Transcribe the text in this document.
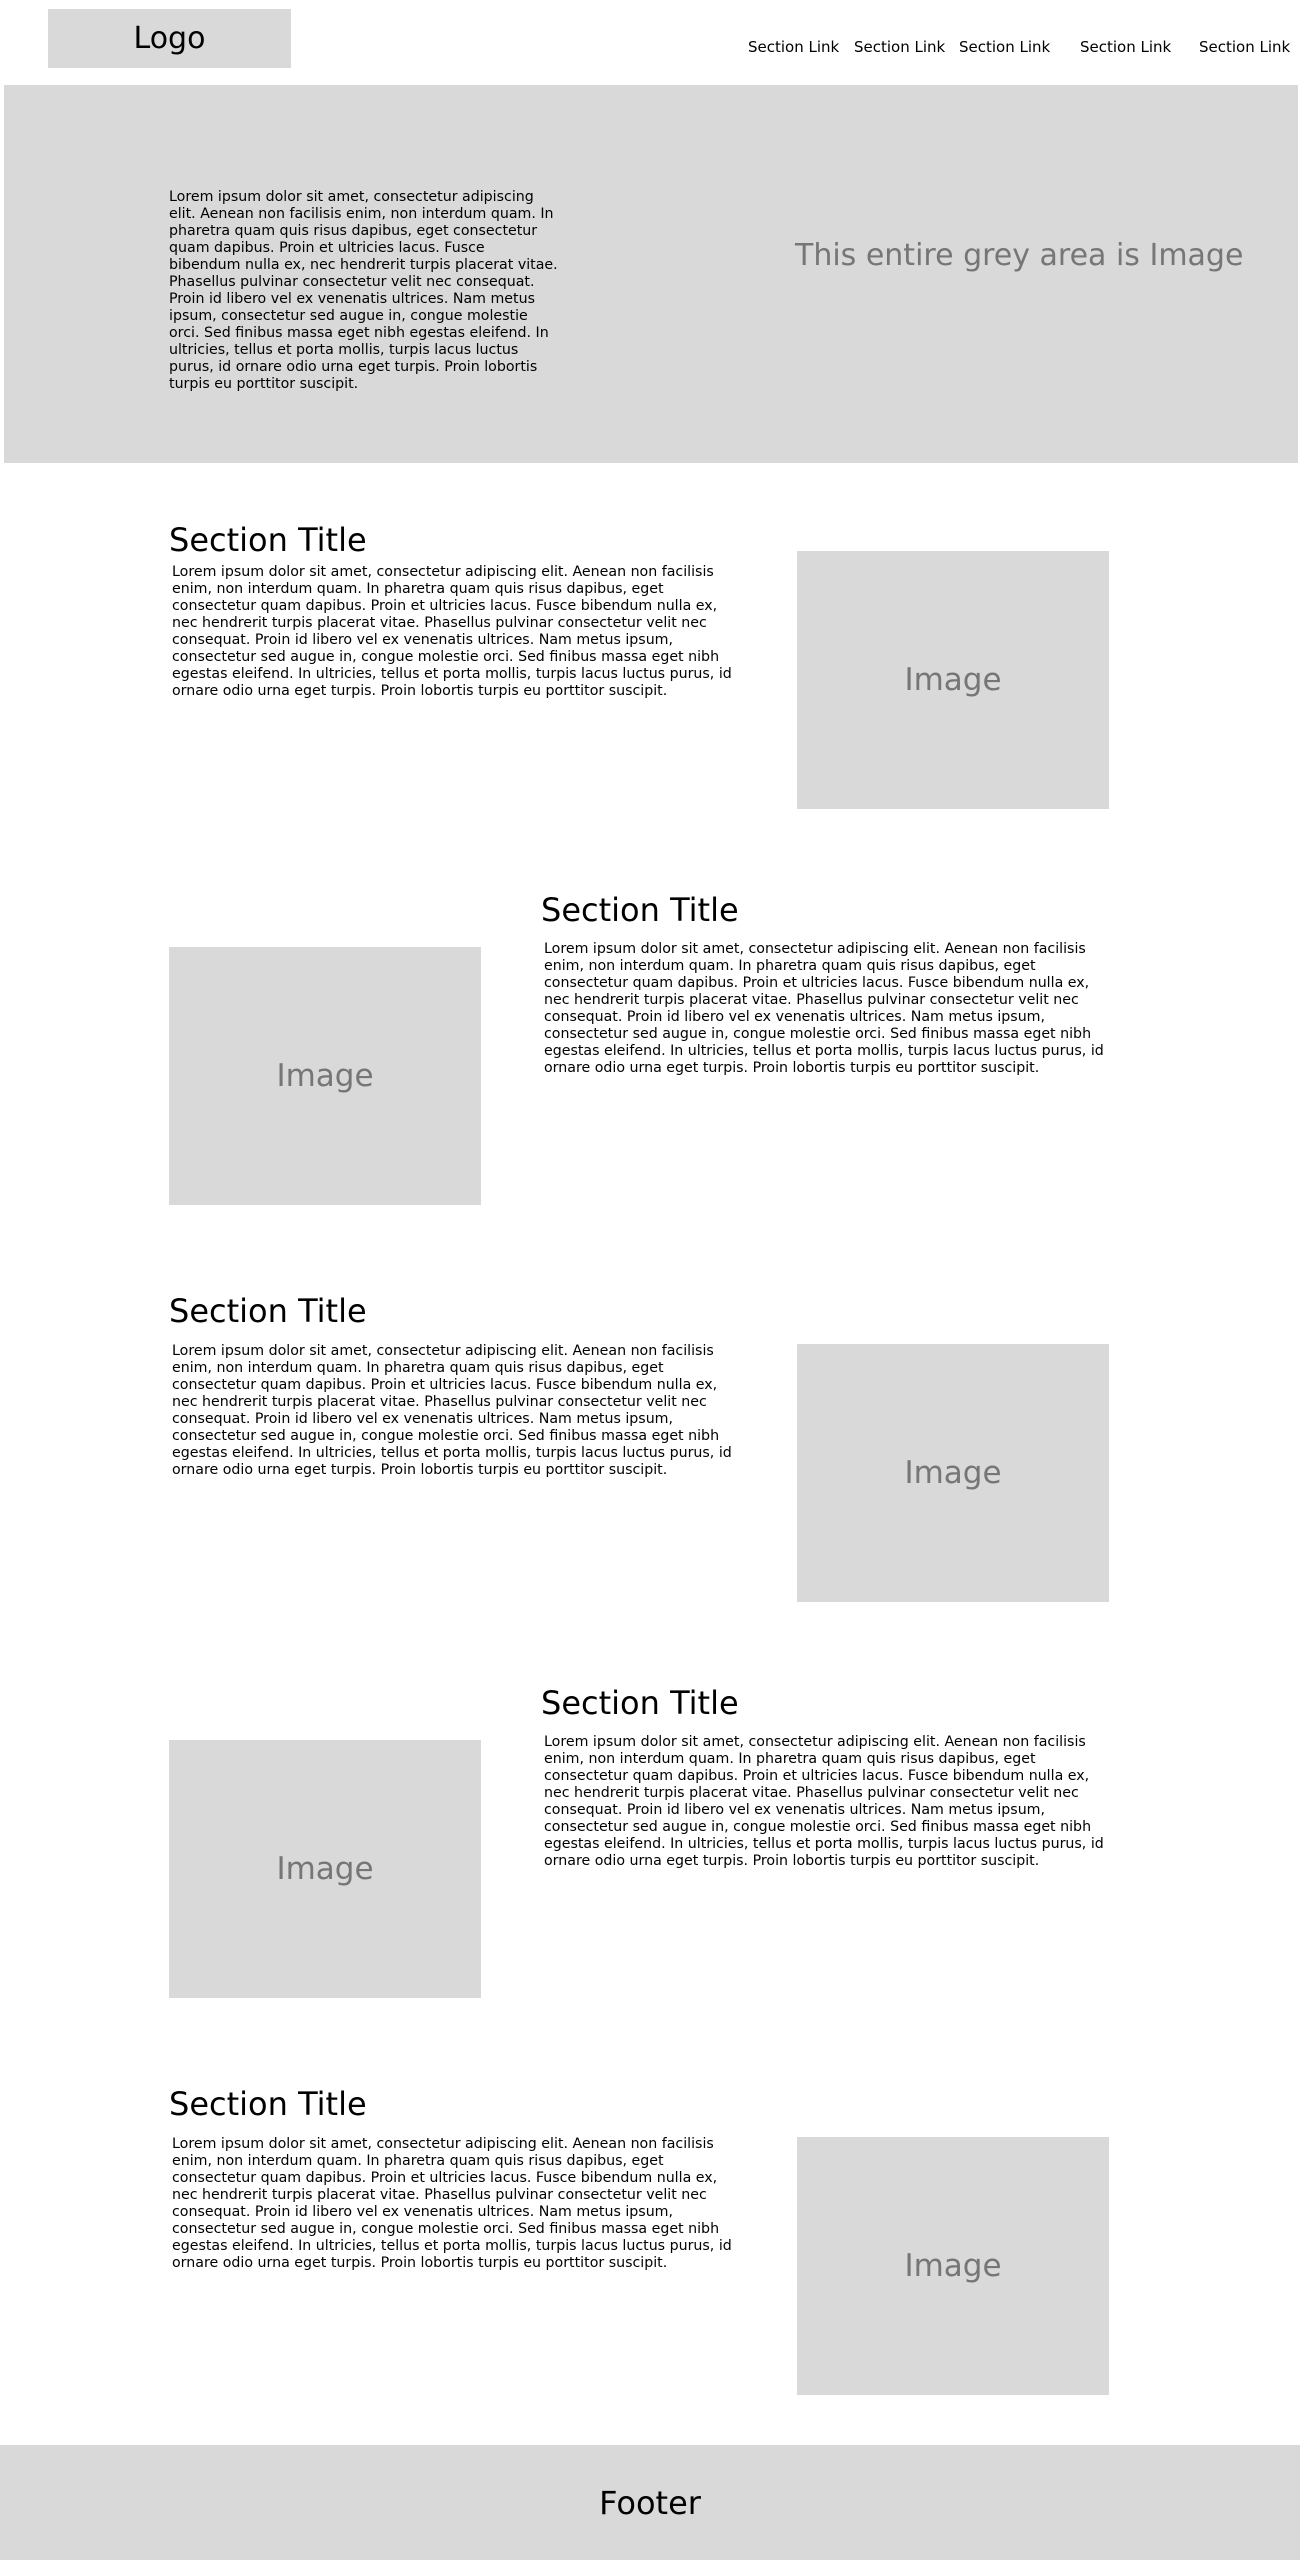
Logo	Section Link Section Link Section Link Section Link Section Link
Lorem ipsum dolor sit amet, consectetur adipiscing elit. Aenean non facilisis enim, non interdum quam. In pharetra quam quis risus dapibus, eget consectetur quam dapibus. Proin et ultricies lacus. Fusce bibendum nulla ex, nec hendrerit turpis placerat vitae. Phasellus pulvinar consectetur velit nec consequat. Proin id libero vel ex venenatis ultrices. Nam metus ipsum, consectetur sed augue in, congue molestie orci. Sed finibus massa eget nibh egestas eleifend. In ultricies, tellus et porta mollis, turpis lacus luctus purus, id ornare odio urna eget turpis. Proin lobortis turpis eu porttitor suscipit.
This entire grey area is Image
Section Title
Lorem ipsum dolor sit amet, consectetur adipiscing elit. Aenean non facilisis enim, non interdum quam. In pharetra quam quis risus dapibus, eget consectetur quam dapibus. Proin et ultricies lacus. Fusce bibendum nulla ex, nec hendrerit turpis placerat vitae. Phasellus pulvinar consectetur velit nec consequat. Proin id libero vel ex venenatis ultrices. Nam metus ipsum, consectetur sed augue in, congue molestie orci. Sed finibus massa eget nibh egestas eleifend. In ultricies, tellus et porta mollis, turpis lacus luctus purus, id ornare odio urna eget turpis. Proin lobortis turpis eu porttitor suscipit.	Image
Image
Section Title
Lorem ipsum dolor sit amet, consectetur adipiscing elit. Aenean non facilisis enim, non interdum quam. In pharetra quam quis risus dapibus, eget consectetur quam dapibus. Proin et ultricies lacus. Fusce bibendum nulla ex, nec hendrerit turpis placerat vitae. Phasellus pulvinar consectetur velit nec consequat. Proin id libero vel ex venenatis ultrices. Nam metus ipsum, consectetur sed augue in, congue molestie orci. Sed finibus massa eget nibh egestas eleifend. In ultricies, tellus et porta mollis, turpis lacus luctus purus, id ornare odio urna eget turpis. Proin lobortis turpis eu porttitor suscipit.
Section Title
Lorem ipsum dolor sit amet, consectetur adipiscing elit. Aenean non facilisis enim, non interdum quam. In pharetra quam quis risus dapibus, eget consectetur quam dapibus. Proin et ultricies lacus. Fusce bibendum nulla ex, nec hendrerit turpis placerat vitae. Phasellus pulvinar consectetur velit nec consequat. Proin id libero vel ex venenatis ultrices. Nam metus ipsum, consectetur sed augue in, congue molestie orci. Sed finibus massa eget nibh egestas eleifend. In ultricies, tellus et porta mollis, turpis lacus luctus purus, id ornare odio urna eget turpis. Proin lobortis turpis eu porttitor suscipit.	Image
Image
Section Title
Lorem ipsum dolor sit amet, consectetur adipiscing elit. Aenean non facilisis enim, non interdum quam. In pharetra quam quis risus dapibus, eget consectetur quam dapibus. Proin et ultricies lacus. Fusce bibendum nulla ex, nec hendrerit turpis placerat vitae. Phasellus pulvinar consectetur velit nec consequat. Proin id libero vel ex venenatis ultrices. Nam metus ipsum, consectetur sed augue in, congue molestie orci. Sed finibus massa eget nibh egestas eleifend. In ultricies, tellus et porta mollis, turpis lacus luctus purus, id ornare odio urna eget turpis. Proin lobortis turpis eu porttitor suscipit.
Section Title
Lorem ipsum dolor sit amet, consectetur adipiscing elit. Aenean non facilisis enim, non interdum quam. In pharetra quam quis risus dapibus, eget consectetur quam dapibus. Proin et ultricies lacus. Fusce bibendum nulla ex, nec hendrerit turpis placerat vitae. Phasellus pulvinar consectetur velit nec consequat. Proin id libero vel ex venenatis ultrices. Nam metus ipsum, consectetur sed augue in, congue molestie orci. Sed finibus massa eget nibh egestas eleifend. In ultricies, tellus et porta mollis, turpis lacus luctus purus, id ornare odio urna eget turpis. Proin lobortis turpis eu porttitor suscipit.	Image
Footer
